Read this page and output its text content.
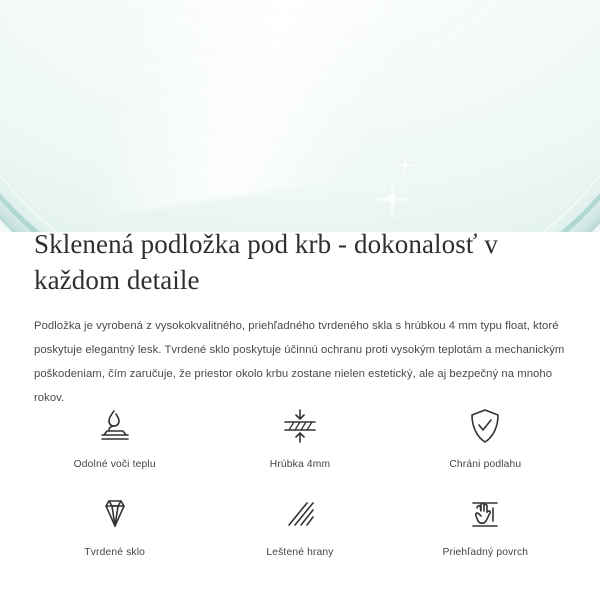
Sklenená podložka pod krb - dokonalosť v každom detaile

Podložka je vyrobená z vysokokvalitného, priehľadného tvrdeného skla s hrúbkou 4 mm typu float, ktoré poskytuje elegantný lesk. Tvrdené sklo poskytuje účinnú ochranu proti vysokým teplotám a mechanickým poškodeniam, čím zaručuje, že priestor okolo krbu zostane nielen estetický, ale aj bezpečný na mnoho rokov.

Odolné voči teplu	Hrúbka 4mm	Chráni podlahu
Tvrdené sklo	Leštené hrany	Priehľadný povrch
